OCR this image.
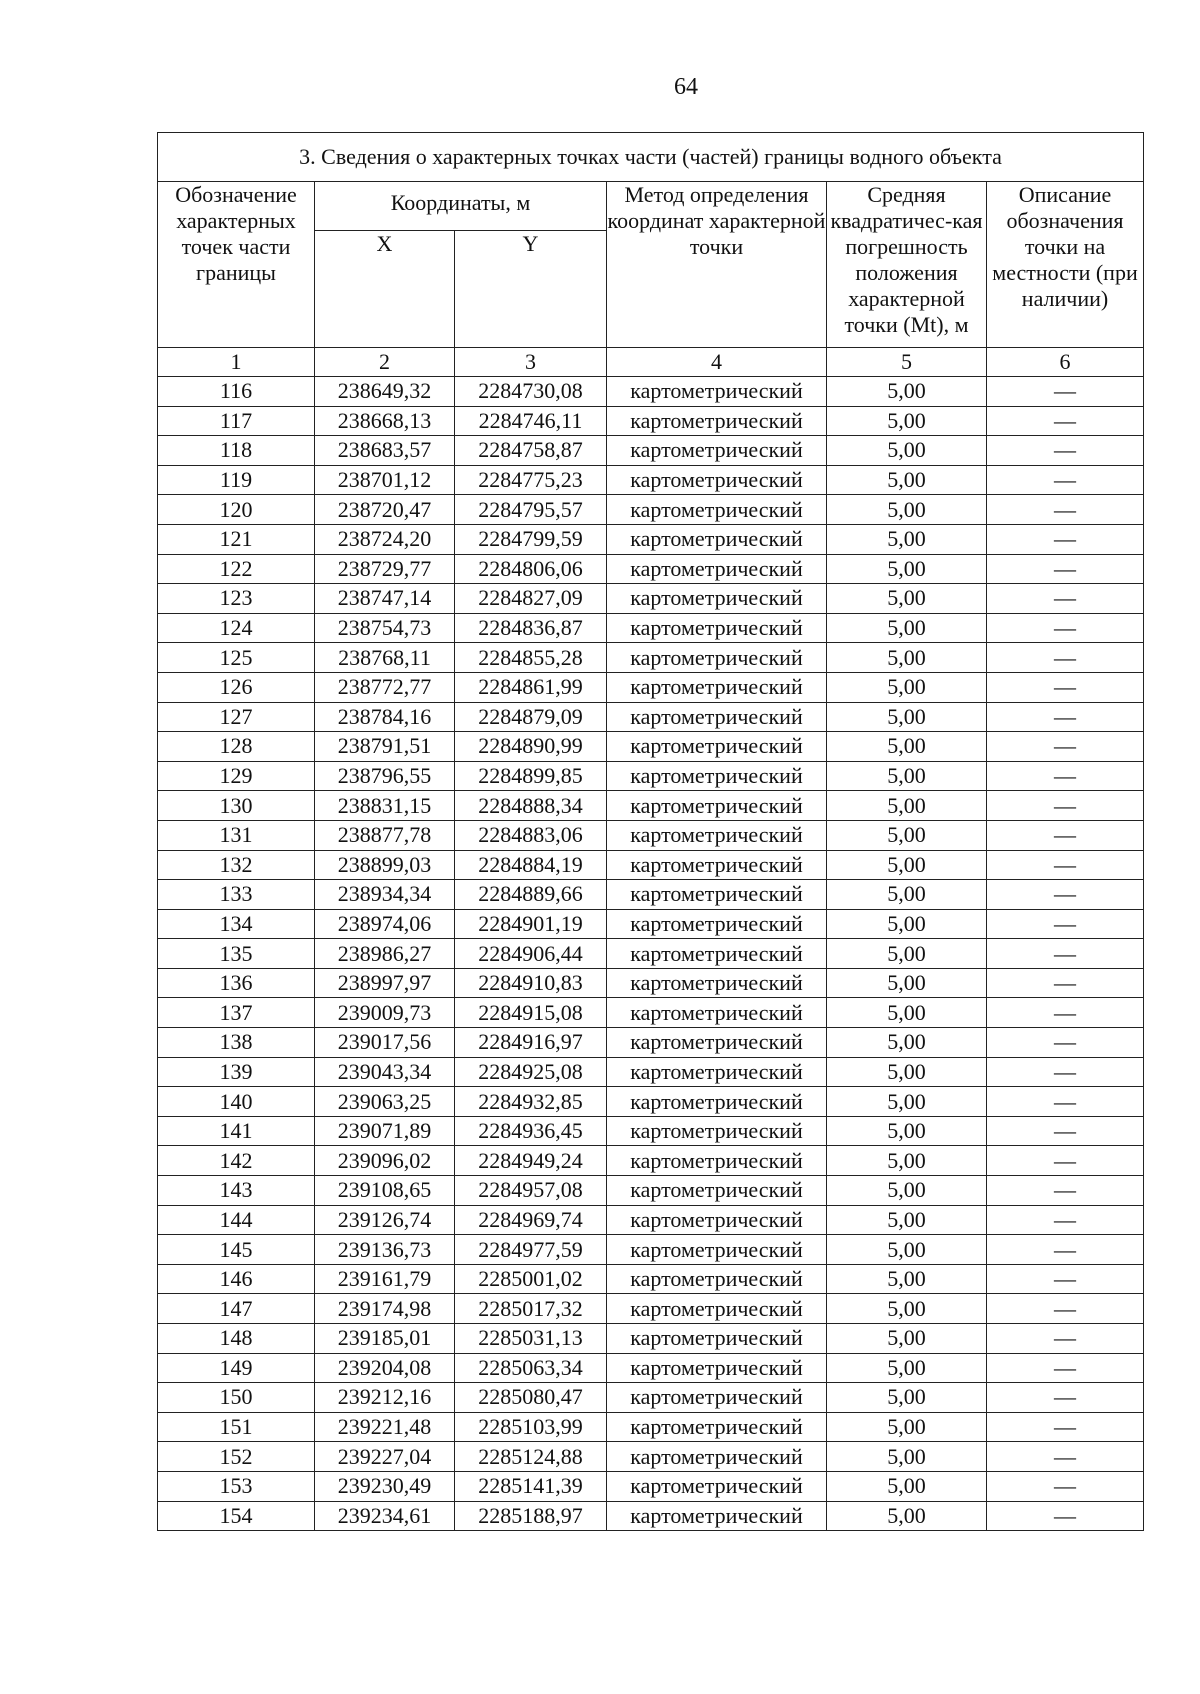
64
3. Сведения о характерных точках части (частей) границы водного объекта					
Обозначение характерных точек части границы	Координаты, м		Метод определения координат характерной точки	Средняя квадратичес-кая погрешность положения характерной точки (Mt), м	Описание обозначения точки на местности (при наличии)
	X	Y			
1	2	3	4	5	6
116	238649,32	2284730,08	картометрический	5,00	—
117	238668,13	2284746,11	картометрический	5,00	—
118	238683,57	2284758,87	картометрический	5,00	—
119	238701,12	2284775,23	картометрический	5,00	—
120	238720,47	2284795,57	картометрический	5,00	—
121	238724,20	2284799,59	картометрический	5,00	—
122	238729,77	2284806,06	картометрический	5,00	—
123	238747,14	2284827,09	картометрический	5,00	—
124	238754,73	2284836,87	картометрический	5,00	—
125	238768,11	2284855,28	картометрический	5,00	—
126	238772,77	2284861,99	картометрический	5,00	—
127	238784,16	2284879,09	картометрический	5,00	—
128	238791,51	2284890,99	картометрический	5,00	—
129	238796,55	2284899,85	картометрический	5,00	—
130	238831,15	2284888,34	картометрический	5,00	—
131	238877,78	2284883,06	картометрический	5,00	—
132	238899,03	2284884,19	картометрический	5,00	—
133	238934,34	2284889,66	картометрический	5,00	—
134	238974,06	2284901,19	картометрический	5,00	—
135	238986,27	2284906,44	картометрический	5,00	—
136	238997,97	2284910,83	картометрический	5,00	—
137	239009,73	2284915,08	картометрический	5,00	—
138	239017,56	2284916,97	картометрический	5,00	—
139	239043,34	2284925,08	картометрический	5,00	—
140	239063,25	2284932,85	картометрический	5,00	—
141	239071,89	2284936,45	картометрический	5,00	—
142	239096,02	2284949,24	картометрический	5,00	—
143	239108,65	2284957,08	картометрический	5,00	—
144	239126,74	2284969,74	картометрический	5,00	—
145	239136,73	2284977,59	картометрический	5,00	—
146	239161,79	2285001,02	картометрический	5,00	—
147	239174,98	2285017,32	картометрический	5,00	—
148	239185,01	2285031,13	картометрический	5,00	—
149	239204,08	2285063,34	картометрический	5,00	—
150	239212,16	2285080,47	картометрический	5,00	—
151	239221,48	2285103,99	картометрический	5,00	—
152	239227,04	2285124,88	картометрический	5,00	—
153	239230,49	2285141,39	картометрический	5,00	—
154	239234,61	2285188,97	картометрический	5,00	—
